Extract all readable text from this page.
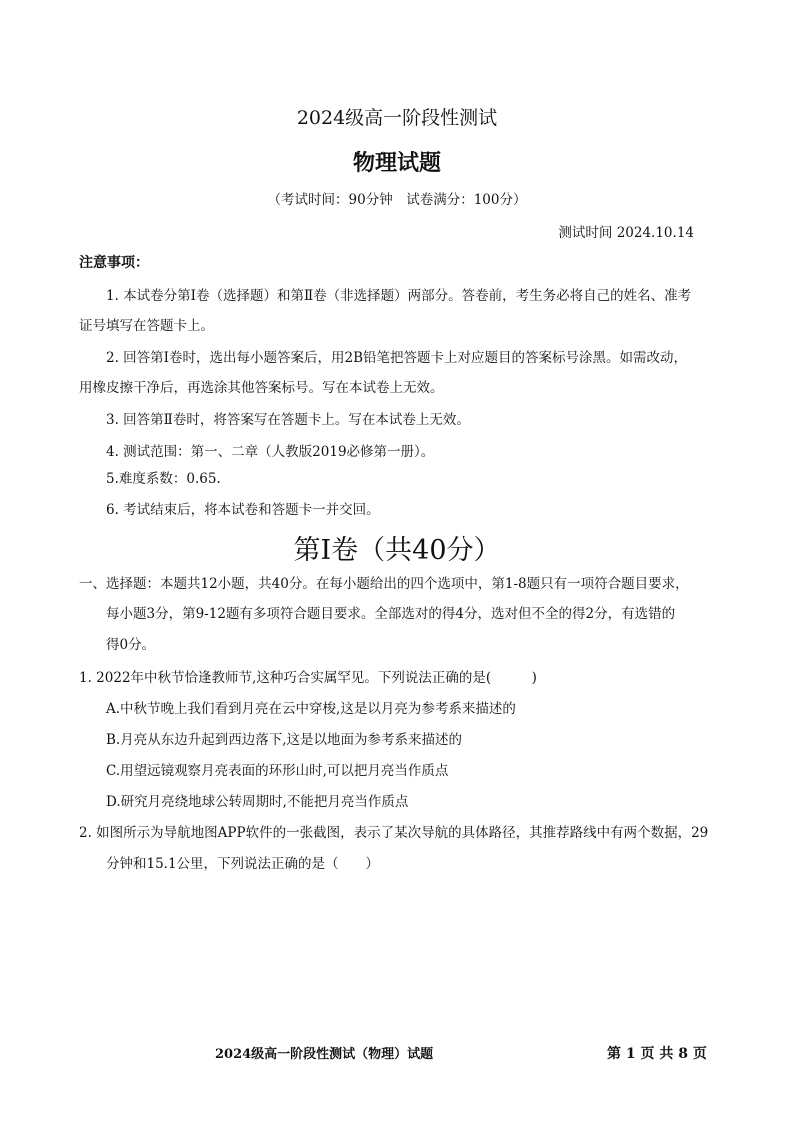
2024级高一阶段性测试
物理试题
（考试时间：90分钟　试卷满分：100分）
测试时间 2024.10.14
注意事项：
1. 本试卷分第Ⅰ卷（选择题）和第Ⅱ卷（非选择题）两部分。答卷前，考生务必将自己的姓名、准考
证号填写在答题卡上。
2. 回答第Ⅰ卷时，选出每小题答案后，用2B铅笔把答题卡上对应题目的答案标号涂黑。如需改动，
用橡皮擦干净后，再选涂其他答案标号。写在本试卷上无效。
3. 回答第Ⅱ卷时，将答案写在答题卡上。写在本试卷上无效。
4. 测试范围：第一、二章（人教版2019必修第一册）。
5.难度系数：0.65.
6. 考试结束后，将本试卷和答题卡一并交回。
第Ⅰ卷（共40分）
一、选择题：本题共12小题，共40分。在每小题给出的四个选项中，第1-8题只有一项符合题目要求，
每小题3分，第9-12题有多项符合题目要求。全部选对的得4分，选对但不全的得2分，有选错的
得0分。
1. 2022年中秋节恰逢教师节,这种巧合实属罕见。下列说法正确的是(　　　)
A.中秋节晚上我们看到月亮在云中穿梭,这是以月亮为参考系来描述的
B.月亮从东边升起到西边落下,这是以地面为参考系来描述的
C.用望远镜观察月亮表面的环形山时,可以把月亮当作质点
D.研究月亮绕地球公转周期时,不能把月亮当作质点
2. 如图所示为导航地图APP软件的一张截图，表示了某次导航的具体路径，其推荐路线中有两个数据，29
分钟和15.1公里，下列说法正确的是（　　）
2024级高一阶段性测试（物理）试题	第 1 页 共 8 页
